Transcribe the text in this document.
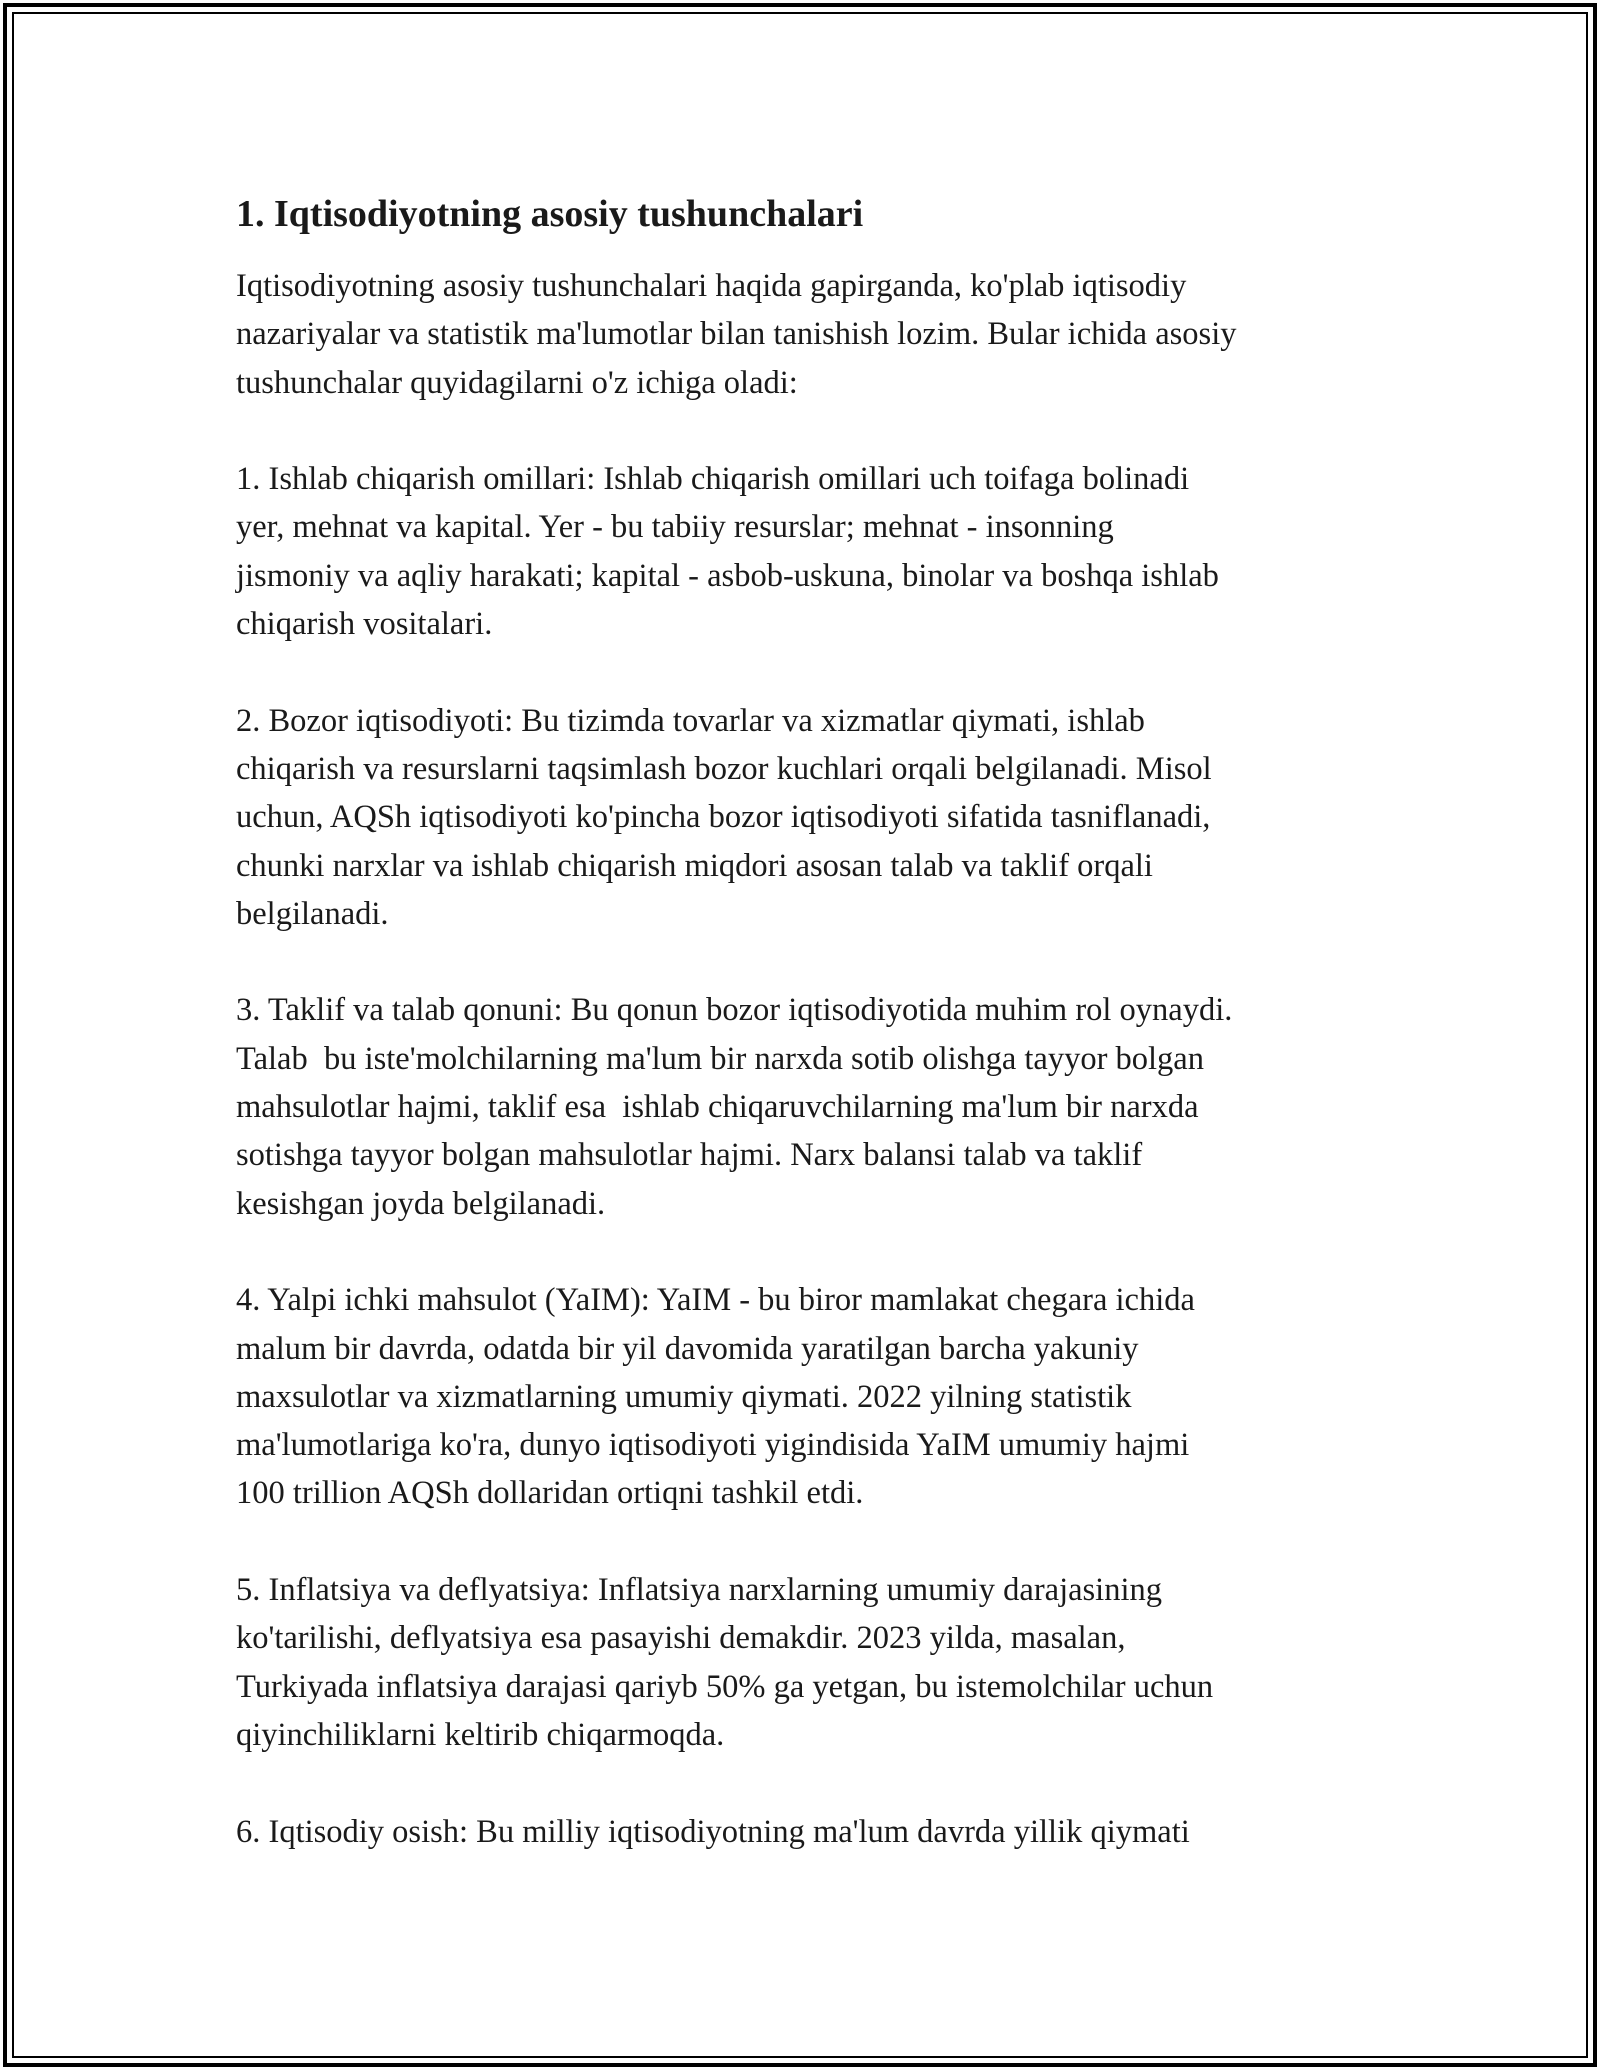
1. Iqtisodiyotning asosiy tushunchalari

Iqtisodiyotning asosiy tushunchalari haqida gapirganda, ko'plab iqtisodiy
nazariyalar va statistik ma'lumotlar bilan tanishish lozim. Bular ichida asosiy
tushunchalar quyidagilarni o'z ichiga oladi:

1. Ishlab chiqarish omillari: Ishlab chiqarish omillari uch toifaga bolinadi
yer, mehnat va kapital. Yer - bu tabiiy resurslar; mehnat - insonning
jismoniy va aqliy harakati; kapital - asbob-uskuna, binolar va boshqa ishlab
chiqarish vositalari.

2. Bozor iqtisodiyoti: Bu tizimda tovarlar va xizmatlar qiymati, ishlab
chiqarish va resurslarni taqsimlash bozor kuchlari orqali belgilanadi. Misol
uchun, AQSh iqtisodiyoti ko'pincha bozor iqtisodiyoti sifatida tasniflanadi,
chunki narxlar va ishlab chiqarish miqdori asosan talab va taklif orqali
belgilanadi.

3. Taklif va talab qonuni: Bu qonun bozor iqtisodiyotida muhim rol oynaydi.
Talab  bu iste'molchilarning ma'lum bir narxda sotib olishga tayyor bolgan
mahsulotlar hajmi, taklif esa  ishlab chiqaruvchilarning ma'lum bir narxda
sotishga tayyor bolgan mahsulotlar hajmi. Narx balansi talab va taklif
kesishgan joyda belgilanadi.

4. Yalpi ichki mahsulot (YaIM): YaIM - bu biror mamlakat chegara ichida
malum bir davrda, odatda bir yil davomida yaratilgan barcha yakuniy
maxsulotlar va xizmatlarning umumiy qiymati. 2022 yilning statistik
ma'lumotlariga ko'ra, dunyo iqtisodiyoti yigindisida YaIM umumiy hajmi
100 trillion AQSh dollaridan ortiqni tashkil etdi.

5. Inflatsiya va deflyatsiya: Inflatsiya narxlarning umumiy darajasining
ko'tarilishi, deflyatsiya esa pasayishi demakdir. 2023 yilda, masalan,
Turkiyada inflatsiya darajasi qariyb 50% ga yetgan, bu istemolchilar uchun
qiyinchiliklarni keltirib chiqarmoqda.

6. Iqtisodiy osish: Bu milliy iqtisodiyotning ma'lum davrda yillik qiymati
